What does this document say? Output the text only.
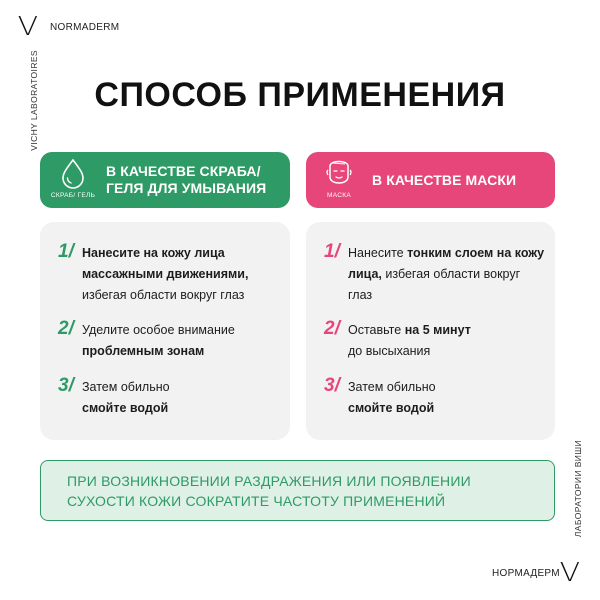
V NORMADERM
VICHY LABORATOIRES
ЛАБОРАТОРИИ ВИШИ
НОРМАДЕРМ V
СПОСОБ ПРИМЕНЕНИЯ
СКРАБ/ ГЕЛЬ
В КАЧЕСТВЕ СКРАБА/
ГЕЛЯ ДЛЯ УМЫВАНИЯ	МАСКА
В КАЧЕСТВЕ МАСКИ
1/ Нанесите на кожу лица массажными движениями,
избегая области вокруг глаз
2/ Уделите особое внимание
проблемным зонам
3/ Затем обильно
смойте водой
1/ Нанесите тонким слоем на кожу лица, избегая области вокруг глаз
2/ Оставьте на 5 минут
до высыхания
3/ Затем обильно
смойте водой
ПРИ ВОЗНИКНОВЕНИИ РАЗДРАЖЕНИЯ ИЛИ ПОЯВЛЕНИИ
СУХОСТИ КОЖИ СОКРАТИТЕ ЧАСТОТУ ПРИМЕНЕНИЙ
